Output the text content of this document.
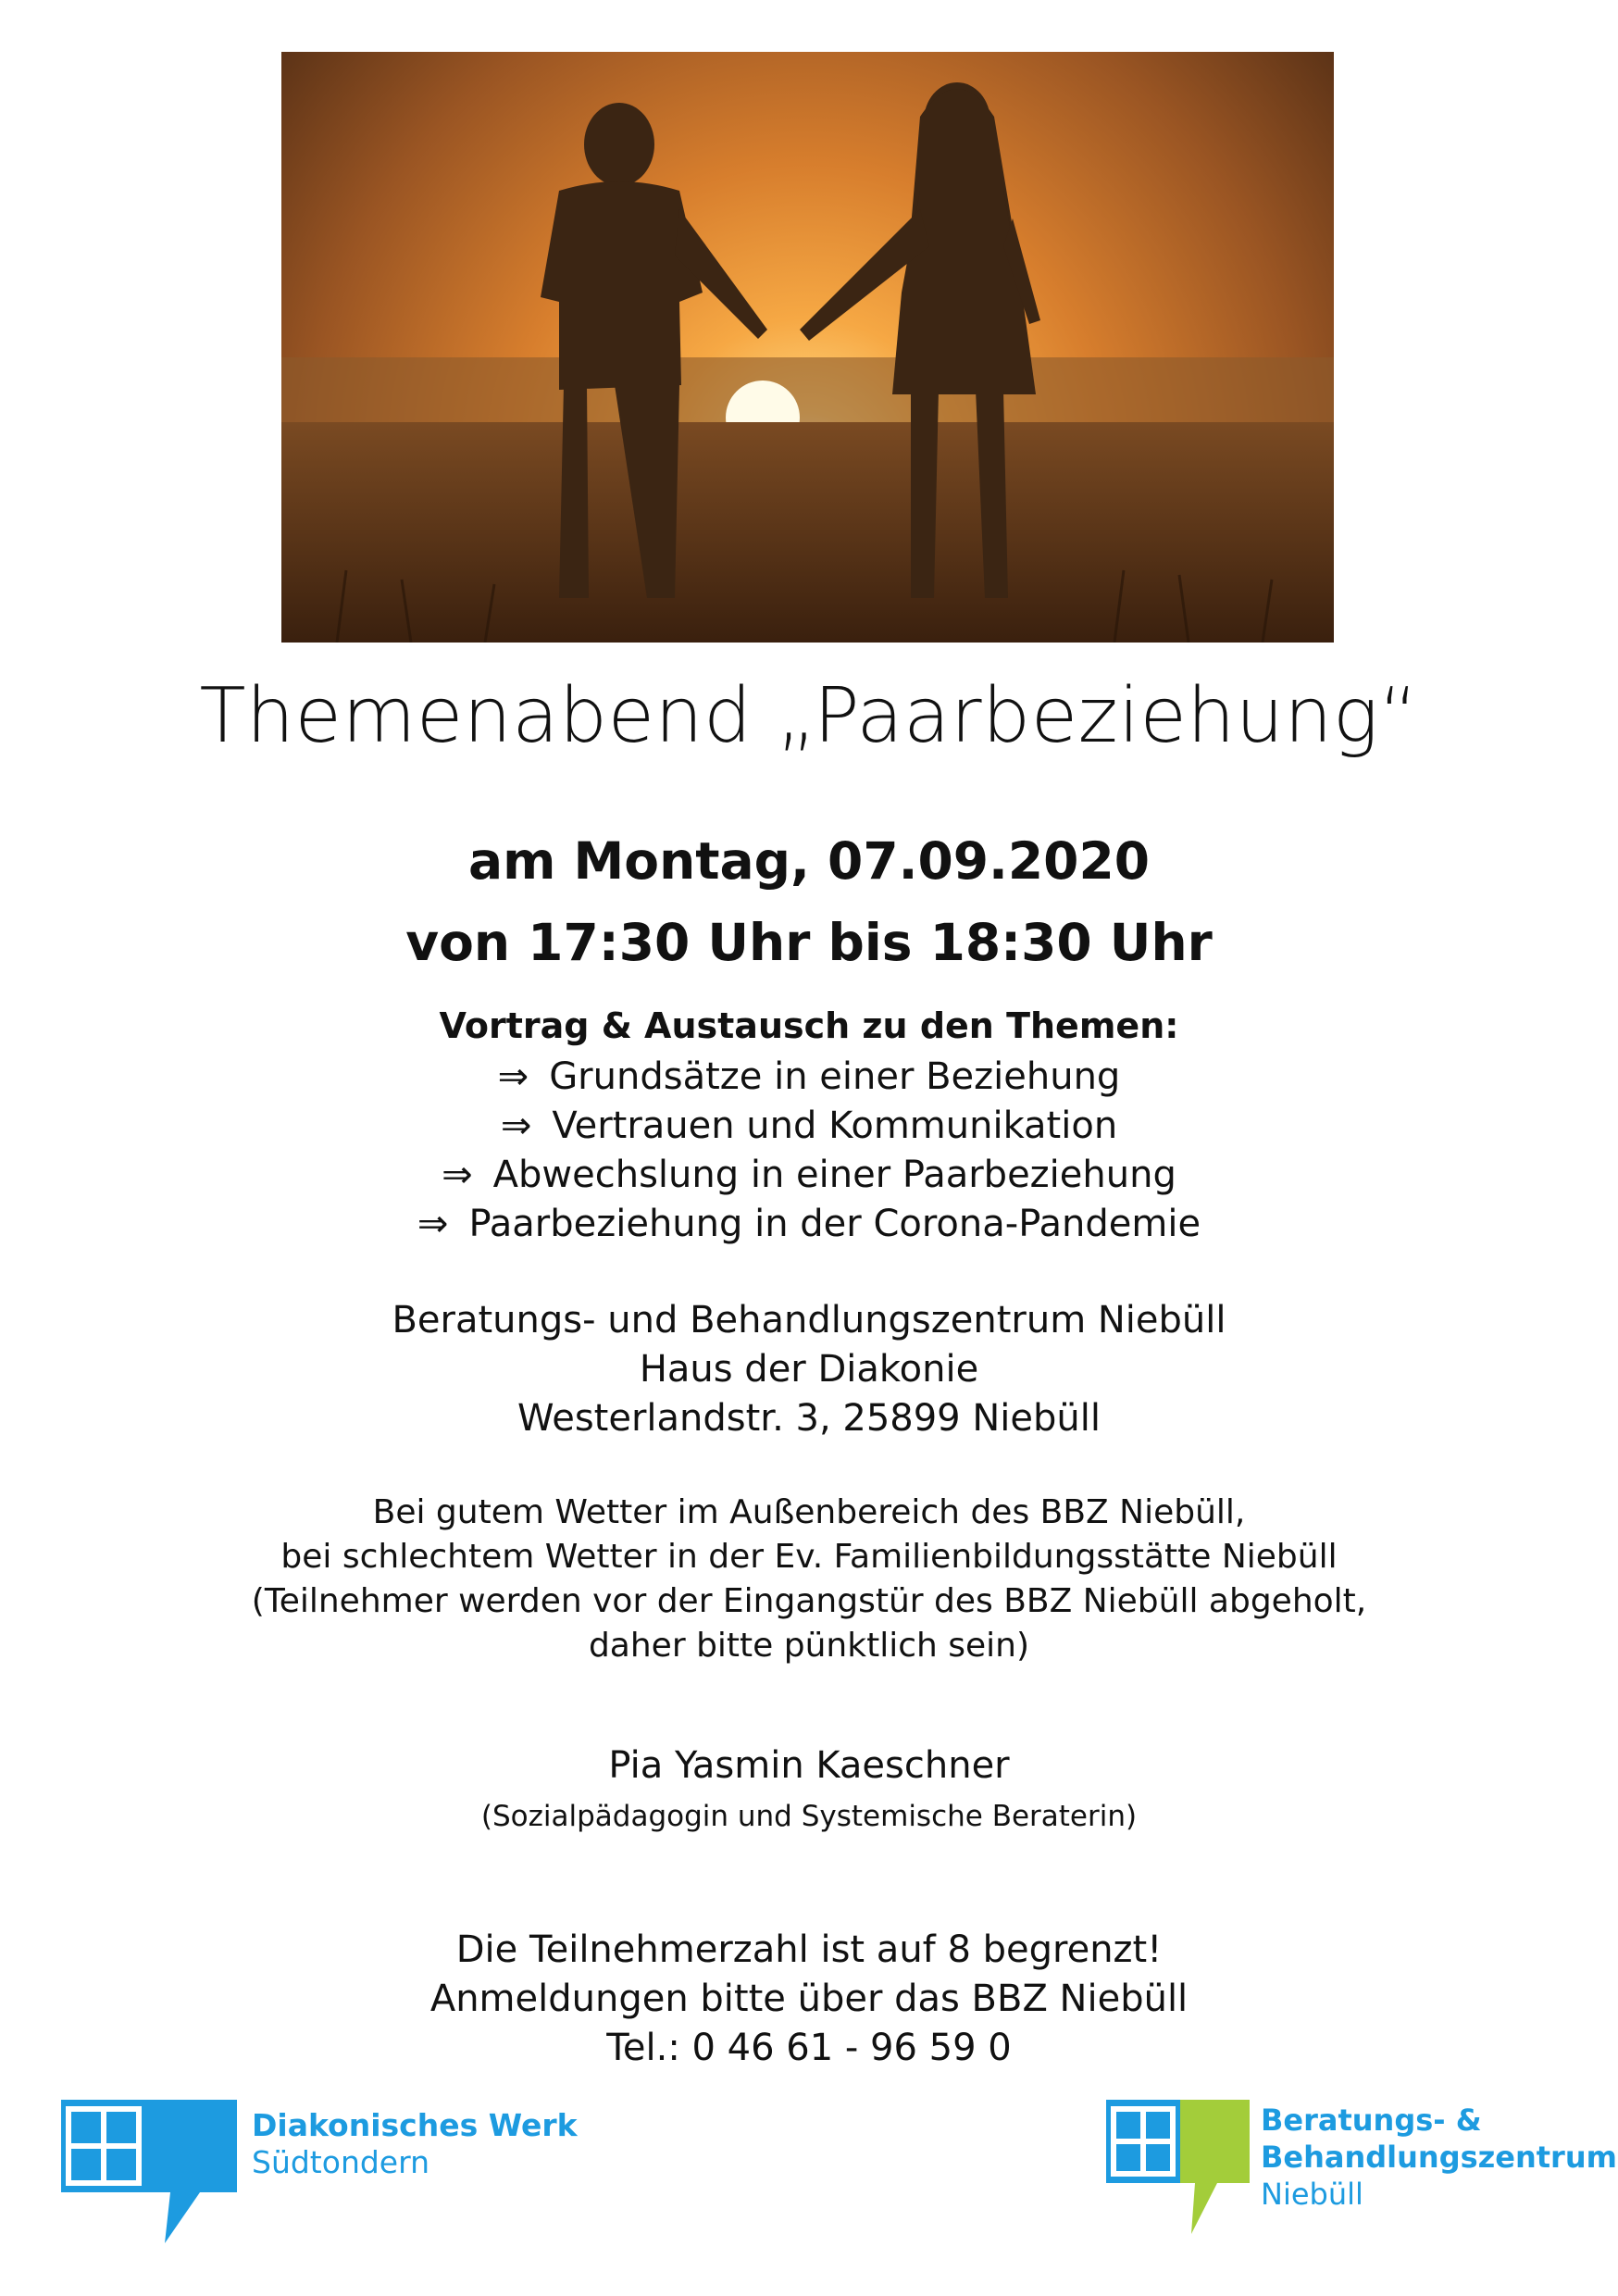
Themenabend „Paarbeziehung“
am Montag, 07.09.2020
von 17:30 Uhr bis 18:30 Uhr
Vortrag & Austausch zu den Themen:
⇒ Grundsätze in einer Beziehung
⇒ Vertrauen und Kommunikation
⇒ Abwechslung in einer Paarbeziehung
⇒ Paarbeziehung in der Corona-Pandemie
Beratungs- und Behandlungszentrum Niebüll
Haus der Diakonie
Westerlandstr. 3, 25899 Niebüll
Bei gutem Wetter im Außenbereich des BBZ Niebüll,
bei schlechtem Wetter in der Ev. Familienbildungsstätte Niebüll
(Teilnehmer werden vor der Eingangstür des BBZ Niebüll abgeholt,
daher bitte pünktlich sein)
Pia Yasmin Kaeschner
(Sozialpädagogin und Systemische Beraterin)
Die Teilnehmerzahl ist auf 8 begrenzt!
Anmeldungen bitte über das BBZ Niebüll
Tel.: 0 46 61 - 96 59 0
Diakonisches Werk
Südtondern
Beratungs- &
Behandlungszentrum
Niebüll
